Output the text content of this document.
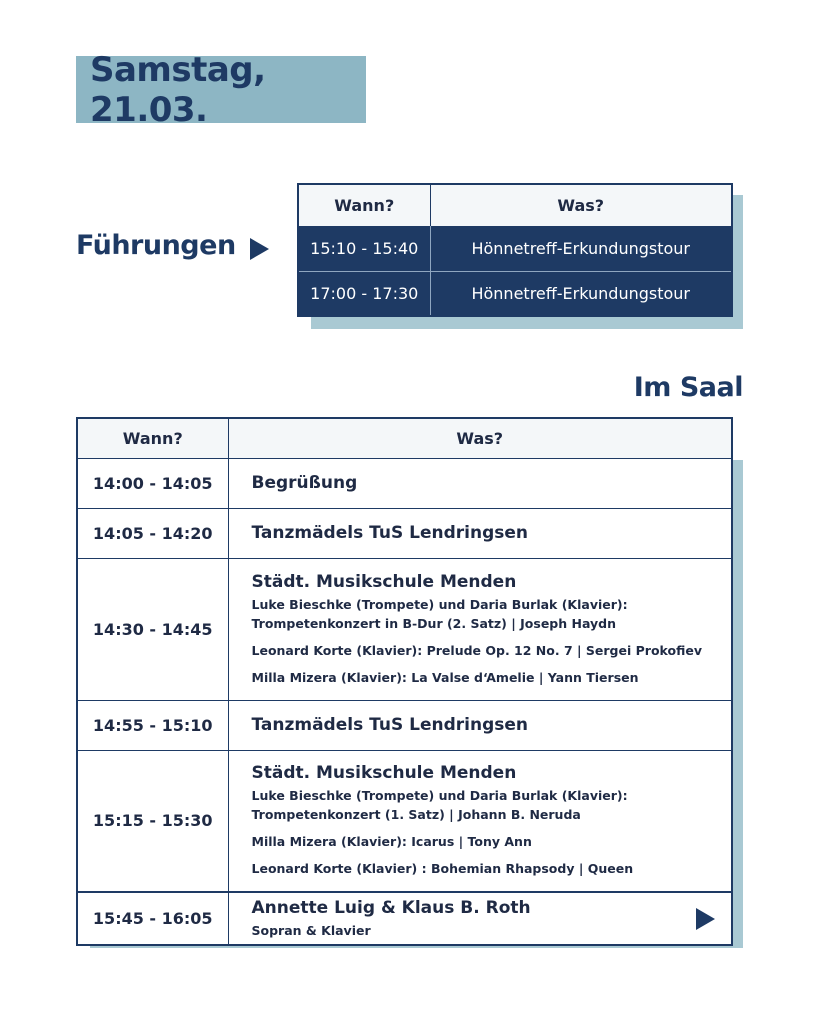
Samstag, 21.03.
Führungen
Wann?	Was?
15:10 - 15:40	Hönnetreff-Erkundungstour
17:00 - 17:30	Hönnetreff-Erkundungstour
Im Saal
Wann?	Was?
14:00 - 14:05	Begrüßung

14:05 - 14:20	Tanzmädels TuS Lendringsen

14:30 - 14:45	Städt. Musikschule Menden
Luke Bieschke (Trompete) und Daria Burlak (Klavier):
Trompetenkonzert in B-Dur (2. Satz) | Joseph Haydn
Leonard Korte (Klavier): Prelude Op. 12 No. 7 | Sergei Prokofiev
Milla Mizera (Klavier): La Valse d‘Amelie | Yann Tiersen

14:55 - 15:10	Tanzmädels TuS Lendringsen

15:15 - 15:30	Städt. Musikschule Menden
Luke Bieschke (Trompete) und Daria Burlak (Klavier):
Trompetenkonzert (1. Satz) | Johann B. Neruda
Milla Mizera (Klavier): Icarus | Tony Ann
Leonard Korte (Klavier) : Bohemian Rhapsody | Queen

15:45 - 16:05	Annette Luig & Klaus B. Roth
Sopran & Klavier
